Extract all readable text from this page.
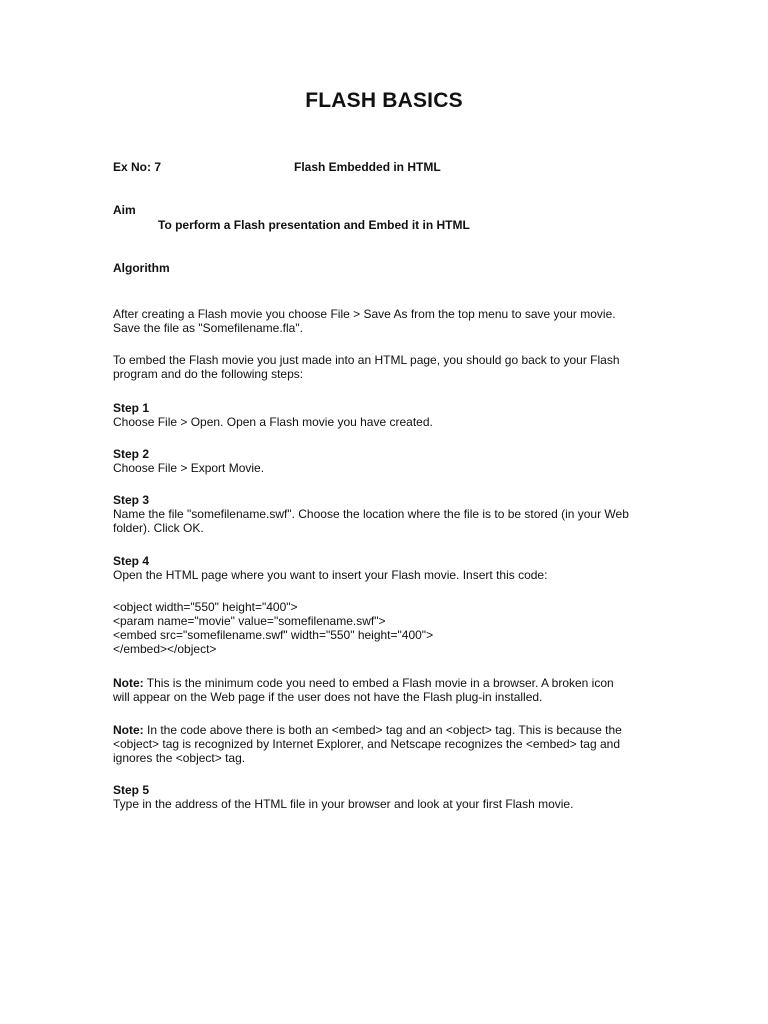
FLASH BASICS
Ex No: 7	Flash Embedded in HTML
Aim
To perform a Flash presentation and Embed it in HTML
Algorithm
After creating a Flash movie you choose File > Save As from the top menu to save your movie.
Save the file as "Somefilename.fla".
To embed the Flash movie you just made into an HTML page, you should go back to your Flash
program and do the following steps:
Step 1
Choose File > Open. Open a Flash movie you have created.
Step 2
Choose File > Export Movie.
Step 3
Name the file "somefilename.swf". Choose the location where the file is to be stored (in your Web
folder). Click OK.
Step 4
Open the HTML page where you want to insert your Flash movie. Insert this code:
<object width="550" height="400">
<param name="movie" value="somefilename.swf">
<embed src="somefilename.swf" width="550" height="400">
</embed></object>
Note: This is the minimum code you need to embed a Flash movie in a browser. A broken icon
will appear on the Web page if the user does not have the Flash plug-in installed.
Note: In the code above there is both an <embed> tag and an <object> tag. This is because the
<object> tag is recognized by Internet Explorer, and Netscape recognizes the <embed> tag and
ignores the <object> tag.
Step 5
Type in the address of the HTML file in your browser and look at your first Flash movie.
